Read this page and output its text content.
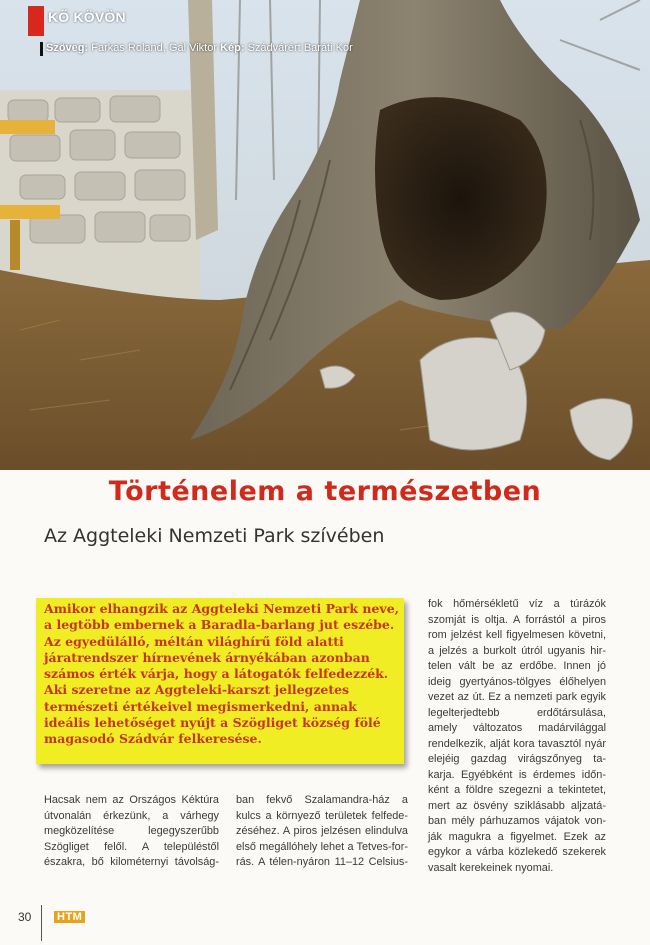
KŐ KÖVÖN
Szöveg: Farkas Roland, Gál Viktor Kép: Szádvárért Baráti Kör
Történelem a természetben
Az Aggteleki Nemzeti Park szívében

Amikor elhangzik az Aggteleki Nemzeti Park neve,
a legtöbb embernek a Baradla-barlang jut eszébe.
Az egyedülálló, méltán világhírű föld alatti
járatrendszer hírnevének árnyékában azonban
számos érték várja, hogy a látogatók felfedezzék.
Aki szeretne az Aggteleki-karszt jellegzetes
természeti értékeivel megismerkedni, annak
ideális lehetőséget nyújt a Szögliget község fölé
magasodó Szádvár felkeresése.

Hacsak nem az Országos Kéktúra
útvonalán érkezünk, a várhegy
megközelítése legegyszerűbb
Szögliget felől. A településtől
északra, bő kilométernyi távolság-

ban fekvő Szalamandra-ház a
kulcs a környező területek felfede-
zéséhez. A piros jelzésen elindulva
első megállóhely lehet a Tetves-for-
rás. A télen-nyáron 11–12 Celsius-

fok hőmérsékletű víz a túrázók
szomját is oltja. A forrástól a piros
rom jelzést kell figyelmesen követni,
a jelzés a burkolt útról ugyanis hir-
telen vált be az erdőbe. Innen jó
ideig gyertyános-tölgyes élőhelyen
vezet az út. Ez a nemzeti park egyik
legelterjedtebb erdőtársulása,
amely változatos madárvilággal
rendelkezik, alját kora tavasztól nyár
elejéig gazdag virágszőnyeg ta-
karja. Egyébként is érdemes időn-
ként a földre szegezni a tekintetet,
mert az ösvény sziklásabb aljzatá-
ban mély párhuzamos vájatok von-
ják magukra a figyelmet. Ezek az
egykor a várba közlekedő szekerek
vasalt kerekeinek nyomai.

30 HTM
